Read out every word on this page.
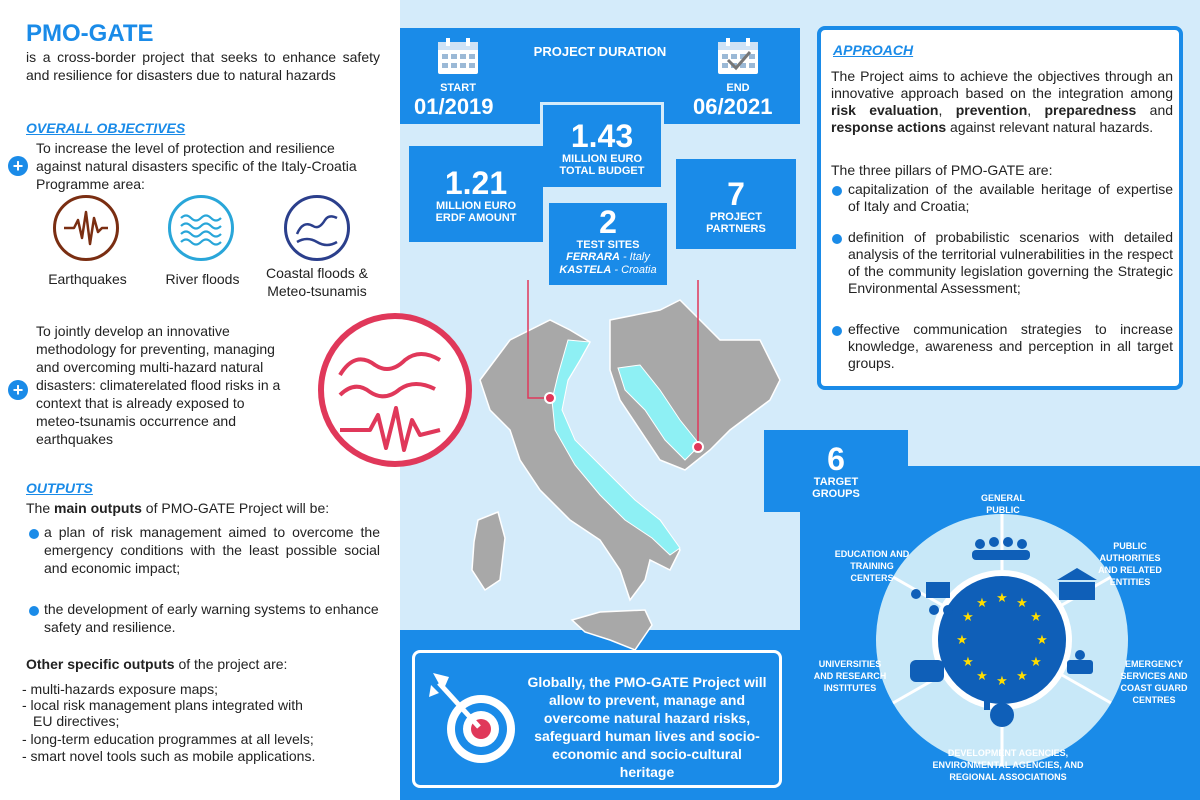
PMO-GATE

is a cross-border project that seeks to enhance safety and resilience for disasters due to natural hazards

OVERALL OBJECTIVES

+

To increase the level of protection and resilience against natural disasters specific of the Italy-Croatia Programme area:

Earthquakes	River floods	Coastal floods & Meteo-tsunamis
+

To jointly develop an innovative methodology for preventing, managing and overcoming multi-hazard natural disasters: climaterelated flood risks in a context that is already exposed to meteo-tsunamis occurrence and earthquakes

OUTPUTS

The main outputs of PMO-GATE Project will be:

a plan of risk management aimed to overcome the emergency conditions with the least possible social and economic impact;

the development of early warning systems to enhance safety and resilience.

Other specific outputs of the project are:

- multi-hazards exposure maps;

- local risk management plans integrated with

EU directives;

- long-term education programmes at all levels;

- smart novel tools such as mobile applications.

PROJECT DURATION
START
01/2019
END
06/2021
1.43
MILLION EURO
TOTAL BUDGET
1.21
MILLION EURO
ERDF AMOUNT
7
PROJECT
PARTNERS
2
TEST SITES
FERRARA - Italy
KASTELA - Croatia
APPROACH

The Project aims to achieve the objectives through an innovative approach based on the integration among risk evaluation, prevention, preparedness and response actions against relevant natural hazards.

The three pillars of PMO-GATE are:

capitalization of the available heritage of expertise of Italy and Croatia;

definition of probabilistic scenarios with detailed analysis of the territorial vulnerabilities in the respect of the community legislation governing the Strategic Environmental Assessment;

effective communication strategies to increase knowledge, awareness and perception in all target groups.

6
TARGET
GROUPS
★ ★
★
★
★
★
★
★
★
★
★
★
GENERAL PUBLIC
PUBLIC AUTHORITIES AND RELATED ENTITIES
EMERGENCY SERVICES AND COAST GUARD CENTRES
DEVELOPMENT AGENCIES, ENVIRONMENTAL AGENCIES, AND REGIONAL ASSOCIATIONS
UNIVERSITIES AND RESEARCH INSTITUTES
EDUCATION AND TRAINING CENTERS
Globally, the PMO-GATE Project will allow to prevent, manage and overcome natural hazard risks, safeguard human lives and socio-economic and socio-cultural heritage
